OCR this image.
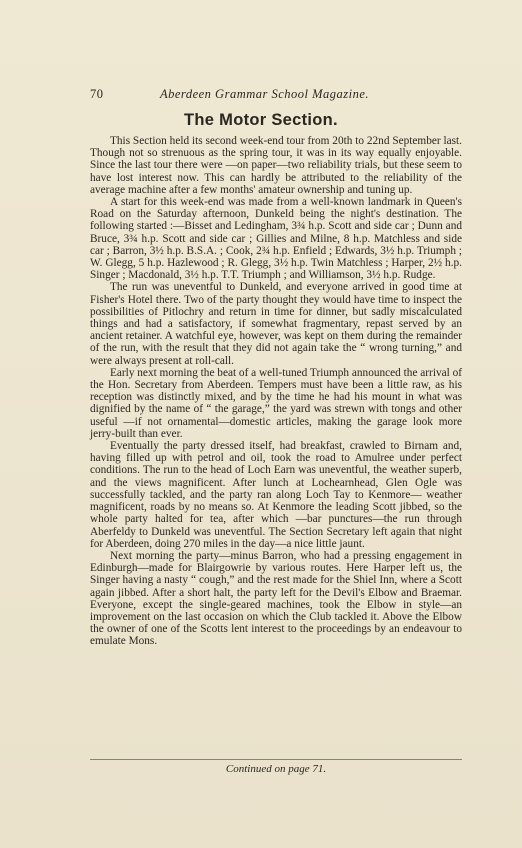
70	Aberdeen Grammar School Magazine.
The Motor Section.

This Section held its second week-end tour from 20th to 22nd September last. Though not so strenuous as the spring tour, it was in its way equally enjoyable. Since the last tour there were —on paper—two reliability trials, but these seem to have lost interest now. This can hardly be attributed to the reliability of the average machine after a few months' amateur ownership and tuning up.

A start for this week-end was made from a well-known landmark in Queen's Road on the Saturday afternoon, Dunkeld being the night's destination. The following started :—Bisset and Ledingham, 3¾ h.p. Scott and side car ; Dunn and Bruce, 3¾ h.p. Scott and side car ; Gillies and Milne, 8 h.p. Matchless and side car ; Barron, 3½ h.p. B.S.A. ; Cook, 2¾ h.p. Enfield ; Edwards, 3½ h.p. Triumph ; W. Glegg, 5 h.p. Hazlewood ; R. Glegg, 3½ h.p. Twin Matchless ; Harper, 2½ h.p. Singer ; Macdonald, 3½ h.p. T.T. Triumph ; and Williamson, 3½ h.p. Rudge.

The run was uneventful to Dunkeld, and everyone arrived in good time at Fisher's Hotel there. Two of the party thought they would have time to inspect the possibilities of Pitlochry and return in time for dinner, but sadly miscalculated things and had a satisfactory, if somewhat fragmentary, repast served by an ancient retainer. A watchful eye, however, was kept on them during the remainder of the run, with the result that they did not again take the “ wrong turning,” and were always present at roll-call.

Early next morning the beat of a well-tuned Triumph announced the arrival of the Hon. Secretary from Aberdeen. Tempers must have been a little raw, as his reception was distinctly mixed, and by the time he had his mount in what was dignified by the name of “ the garage,” the yard was strewn with tongs and other useful —if not ornamental—domestic articles, making the garage look more jerry-built than ever.

Eventually the party dressed itself, had breakfast, crawled to Birnam and, having filled up with petrol and oil, took the road to Amulree under perfect conditions. The run to the head of Loch Earn was uneventful, the weather superb, and the views magnificent. After lunch at Lochearnhead, Glen Ogle was successfully tackled, and the party ran along Loch Tay to Kenmore— weather magnificent, roads by no means so. At Kenmore the leading Scott jibbed, so the whole party halted for tea, after which —bar punctures—the run through Aberfeldy to Dunkeld was uneventful. The Section Secretary left again that night for Aberdeen, doing 270 miles in the day—a nice little jaunt.

Next morning the party—minus Barron, who had a pressing engagement in Edinburgh—made for Blairgowrie by various routes. Here Harper left us, the Singer having a nasty “ cough,” and the rest made for the Shiel Inn, where a Scott again jibbed. After a short halt, the party left for the Devil's Elbow and Braemar. Everyone, except the single-geared machines, took the Elbow in style—an improvement on the last occasion on which the Club tackled it. Above the Elbow the owner of one of the Scotts lent interest to the proceedings by an endeavour to emulate Mons.

Continued on page 71.
